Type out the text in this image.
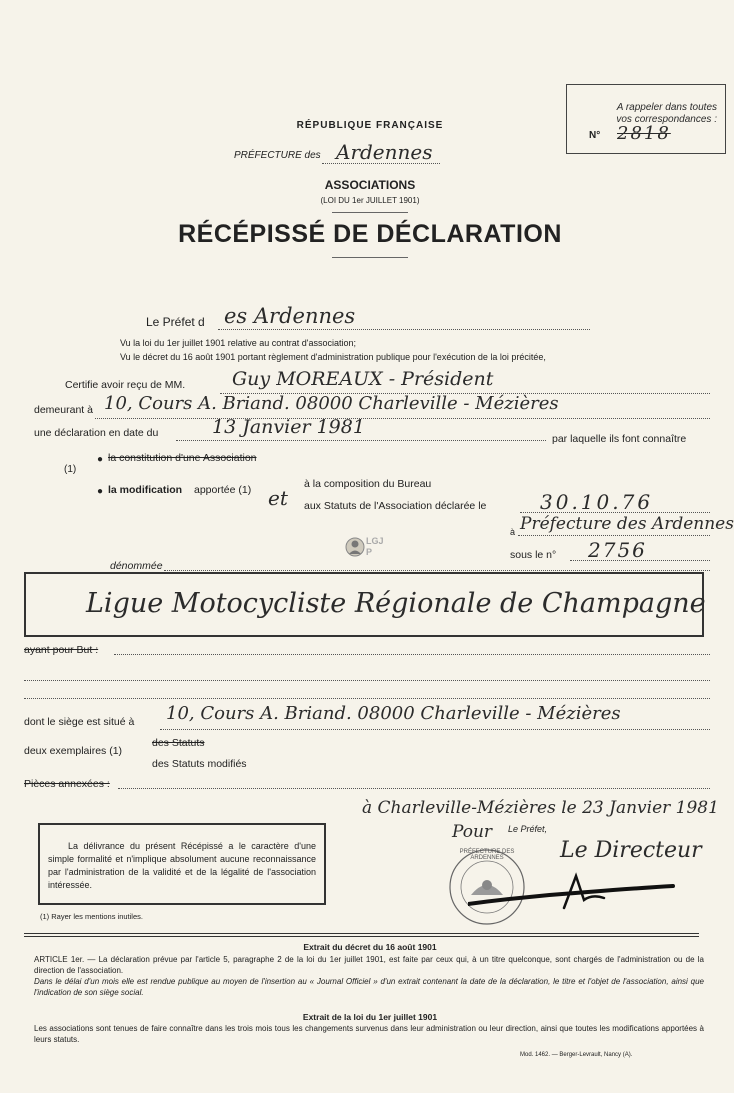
A rappeler dans toutes
vos correspondances :
N° 2818
RÉPUBLIQUE FRANÇAISE
PRÉFECTURE des Ardennes
ASSOCIATIONS
(LOI DU 1er JUILLET 1901)
RÉCÉPISSÉ DE DÉCLARATION
Le Préfet d es Ardennes
Vu la loi du 1er juillet 1901 relative au contrat d'association;
Vu le décret du 16 août 1901 portant règlement d'administration publique pour l'exécution de la loi précitée,
Certifie avoir reçu de MM. Guy MOREAUX - Président
demeurant à 10, Cours A. Briand. 08000 Charleville - Mézières
une déclaration en date du	13 Janvier 1981
par laquelle ils font connaître
● la constitution d'une Association
(1)
● la modification apportée (1) et
à la composition du Bureau
aux Statuts de l'Association déclarée le	30.10.76
à Préfecture des Ardennes
sous le n° 2756
LGJP
dénommée
Ligue Motocycliste Régionale de Champagne
ayant pour But :
dont le siège est situé à 10, Cours A. Briand. 08000 Charleville - Mézières
deux exemplaires (1)
des Statuts
des Statuts modifiés
Pièces annexées :
à Charleville-Mézières le 23 Janvier 1981
Pour Le Préfet,
Le Directeur
PRÉFECTURE DES ARDENNES
La délivrance du présent Récépissé a le caractère d'une simple formalité et n'implique absolument aucune reconnaissance par l'administration de la validité et de la légalité de l'association intéressée.
(1) Rayer les mentions inutiles.
Extrait du décret du 16 août 1901
ARTICLE 1er. — La déclaration prévue par l'article 5, paragraphe 2 de la loi du 1er juillet 1901, est faite par ceux qui, à un titre quelconque, sont chargés de l'administration ou de la direction de l'association.
Dans le délai d'un mois elle est rendue publique au moyen de l'insertion au « Journal Officiel » d'un extrait contenant la date de la déclaration, le titre et l'objet de l'association, ainsi que l'indication de son siège social.
Extrait de la loi du 1er juillet 1901
Les associations sont tenues de faire connaître dans les trois mois tous les changements survenus dans leur administration ou leur direction, ainsi que toutes les modifications apportées à leurs statuts.
Mod. 1462. — Berger-Levrault, Nancy (A).
